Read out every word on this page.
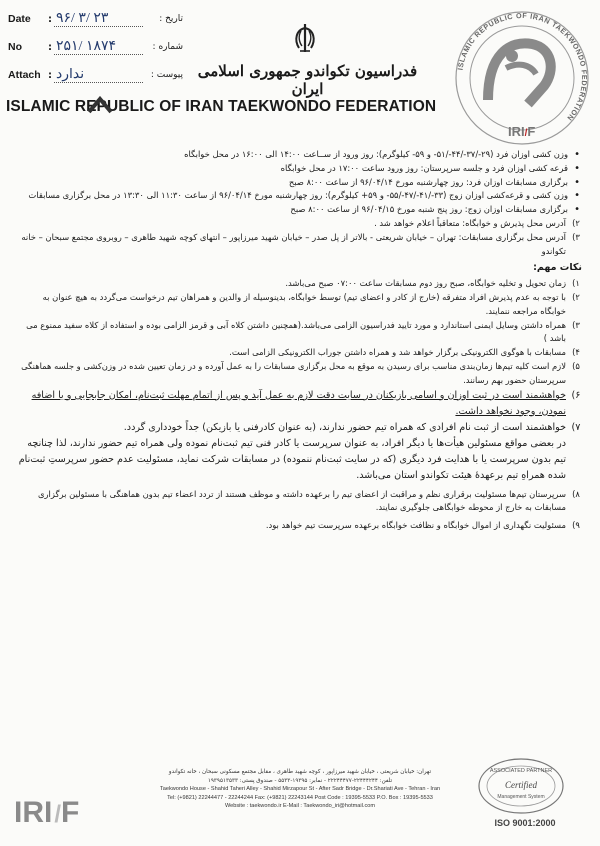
Date	: ۹۶/ ۳/ ۲۳	تاریخ :
No	: ۲۵۱/ ۱۸۷۴	شماره :
Attach : ندارد	پیوست : فدراسیون تکواندو جمهوری اسلامی ایران
ISLAMIC REPUBLIC OF IRAN TAEKWONDO FEDERATION
ISLAMIC REPUBLIC OF IRAN TAEKWONDO FEDERATION
IRI/F

• وزن کشی اوزان فرد (۲۹-/۳۷-/۴۴-/۵۱- و ۵۹- کیلوگرم): روز ورود از ســاعت ۱۴:۰۰ الی ۱۶:۰۰ در محل خوابگاه

• قرعه کشی اوزان فرد و جلسه سرپرستان: روز ورود ساعت ۱۷:۰۰ در محل خوابگاه

• برگزاری مسابقات اوزان فرد: روز چهارشنبه مورخ ۹۶/۰۴/۱۴ از ساعت ۸:۰۰ صبح

• وزن کشی و قرعه‌کشی اوزان زوج (۳۳-/۴۱-/۴۷-/۵۵- و ۵۹+ کیلوگرم): روز چهارشنبه مورخ ۹۶/۰۴/۱۴ از ساعت ۱۱:۳۰ الی ۱۳:۳۰ در محل برگزاری مسابقات

• برگزاری مسابقات اوزان زوج: روز پنج شنبه مورخ ۹۶/۰۴/۱۵ از ساعت ۸:۰۰ صبح

۲)
آدرس محل پذیرش و خوابگاه: متعاقباً اعلام خواهد شد .

۳)
آدرس محل برگزاری مسابقات: تهران – خیابان شریعتی - بالاتر از پل صدر – خیابان شهید میرزاپور – انتهای کوچه شهید طاهری – روبروی مجتمع سبحان – خانه تکواندو

نکات مهم:

۱)
زمان تحویل و تخلیه خوابگاه، صبح روز دوم مسابقات ساعت ۰۷:۰۰ صبح می‌باشد.

۲)
با توجه به عدم پذیرش افراد متفرقه (خارج از کادر و اعضای تیم) توسط خوابگاه، بدینوسیله از والدین و همراهان تیم درخواست می‌گردد به هیچ عنوان به خوابگاه مراجعه ننمایند.

۳)
همراه داشتن وسایل ایمنی استاندارد و مورد تایید فدراسیون الزامی می‌باشد.(همچنین داشتن کلاه آبی و قرمز الزامی بوده و استفاده از کلاه سفید ممنوع می باشد )

۴)
مسابقات با هوگوی الکترونیکی برگزار خواهد شد و همراه داشتن جوراب الکترونیکی الزامی است.

۵)
لازم است کلیه تیم‌ها زمان‌بندی مناسب برای رسیدن به موقع به محل برگزاری مسابقات را به عمل آورده و در زمان تعیین شده در وزن‌کشی و جلسه هماهنگی سرپرستان حضور بهم رسانند.

۶)
خواهشمند است در ثبت اوزان و اسامی بازیکنان در سایت دقت لازم به عمل آید و پس از اتمام مهلت ثبت‌نام، امکان جابجایی و یا اضافه نمودن، وجود نخواهد داشت.

۷)
خواهشمند است از ثبت نام افرادی که همراه تیم حضور ندارند، (به عنوان کادرفنی یا بازیکن) جداً خودداری گردد.

در بعضی مواقع مسئولین هیأت‌ها یا دیگر افراد، به عنوان سرپرست یا کادر فنی تیم ثبت‌نام نموده ولی همراه تیم حضور ندارند، لذا چنانچه تیم بدون سرپرست یا با هدایت فرد دیگری (که در سایت ثبت‌نام ننموده) در مسابقات شرکت نماید، مسئولیت عدم حضور سرپرستِ ثبت‌نام شده همراهِ تیم برعهدهٔ هیئت تکواندو استان می‌باشد.

۸)
سرپرستان تیم‌ها مسئولیت برقراری نظم و مراقبت از اعضای تیم را برعهده داشته و موظف هستند از تردد اعضاء تیم بدون هماهنگی با مسئولین برگزاری مسابقات به خارج از محوطه خوابگاهی جلوگیری نمایند.

۹)
مسئولیت نگهداری از اموال خوابگاه و نظافت خوابگاه برعهده سرپرست تیم خواهد بود.

تهران: خیابان شریعتی ، خیابان شهید میرزاپور ، کوچه شهید طاهری ، مقابل مجتمع مسکونی سبحان ، خانه تکواندو
تلفن: ۲۲۴۴۴۲۴۴-۲۲۲۴۴۴۷۷ - نمابر: ۱۹۳۹۵-۵۵۳۳ - صندوق پستی: ۱۹۳۹۵۱۳۵۳۳
Taekwondo House - Shahid Taheri Alley - Shahid Mirzapour St - After Sadr Bridge - Dr.Shariati Ave - Tehran - Iran
Tel: (+9821) 22244477 - 22244244 Fax: (+9821) 22243144 Post Code : 19395-5533 P.O. Box : 19395-5533
Website : taekwondo.ir E-Mail : Taekwondo_iri@hotmail.com
IRI/F
ASSOCIATED PARTNER
Certified
Management System
ISO 9001:2000
